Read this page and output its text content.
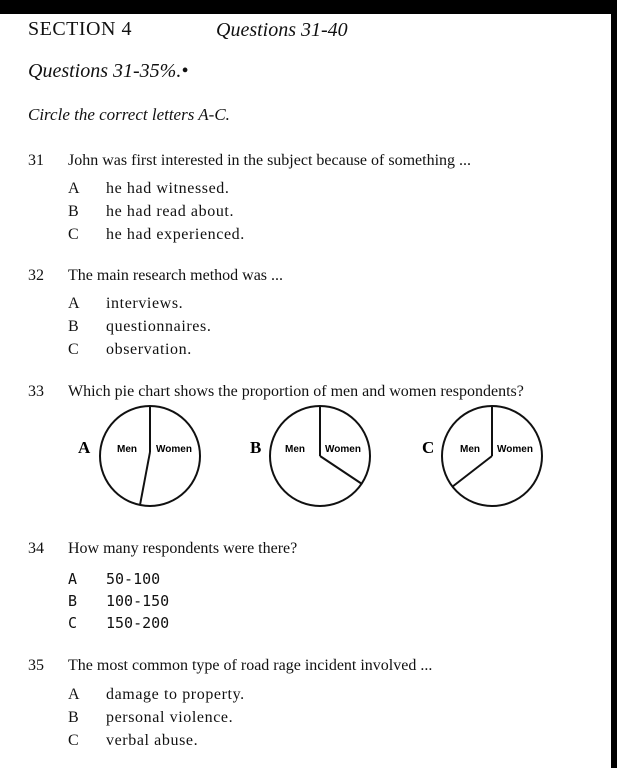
SECTION 4	Questions 31-40
Questions 31-35%.•
Circle the correct letters A-C.
31 John was first interested in the subject because of something ...
A he had witnessed.
B he had read about.
C he had experienced.
32 The main research method was ...
A interviews.
B questionnaires.
C observation.
33 Which pie chart shows the proportion of men and women respondents?
A	Men Women	B Men Women	C	Men Women
34 How many respondents were there?
A 50-100
B 100-150
C 150-200
35 The most common type of road rage incident involved ...
A damage to property.
B personal violence.
C verbal abuse.
